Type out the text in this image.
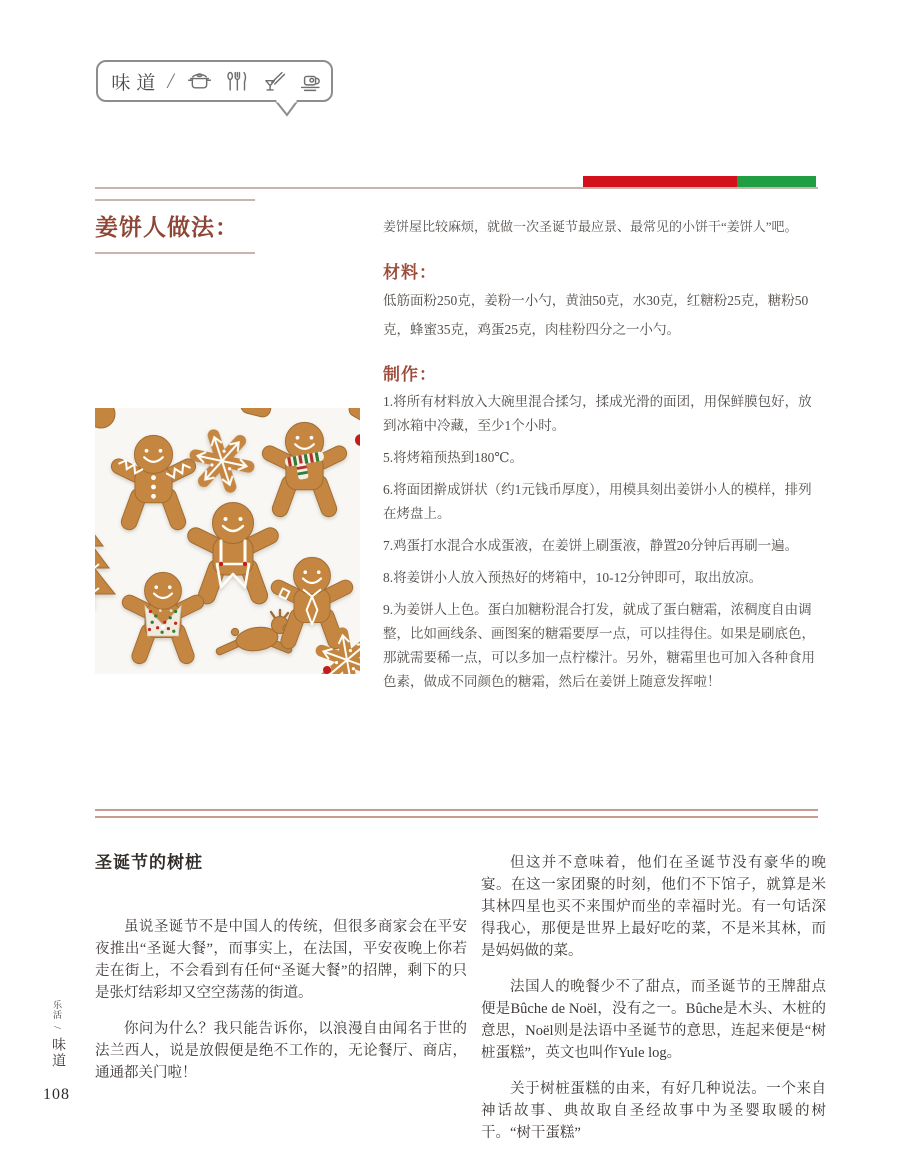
味道 /
姜饼人做法：	姜饼屋比较麻烦，就做一次圣诞节最应景、最常见的小饼干“姜饼人”吧。

材料：

低筋面粉250克，姜粉一小勺，黄油50克，水30克，红糖粉25克，糖粉50克，蜂蜜35克，鸡蛋25克，肉桂粉四分之一小勺。

制作：

1.将所有材料放入大碗里混合揉匀，揉成光滑的面团，用保鲜膜包好，放到冰箱中冷藏，至少1个小时。

5.将烤箱预热到180℃。

6.将面团擀成饼状（约1元钱币厚度），用模具刻出姜饼小人的模样，排列在烤盘上。

7.鸡蛋打水混合水成蛋液，在姜饼上刷蛋液，静置20分钟后再刷一遍。

8.将姜饼小人放入预热好的烤箱中，10-12分钟即可，取出放凉。

9.为姜饼人上色。蛋白加糖粉混合打发，就成了蛋白糖霜，浓稠度自由调整，比如画线条、画图案的糖霜要厚一点，可以挂得住。如果是刷底色，那就需要稀一点，可以多加一点柠檬汁。另外，糖霜里也可加入各种食用色素，做成不同颜色的糖霜，然后在姜饼上随意发挥啦！

圣诞节的树桩

虽说圣诞节不是中国人的传统，但很多商家会在平安夜推出“圣诞大餐”，而事实上，在法国，平安夜晚上你若走在街上，不会看到有任何“圣诞大餐”的招牌，剩下的只是张灯结彩却又空空荡荡的街道。

你问为什么？我只能告诉你，以浪漫自由闻名于世的法兰西人，说是放假便是绝不工作的，无论餐厅、商店，通通都关门啦！

但这并不意味着，他们在圣诞节没有豪华的晚宴。在这一家团聚的时刻，他们不下馆子，就算是米其林四星也买不来围炉而坐的幸福时光。有一句话深得我心，那便是世界上最好吃的菜，不是米其林，而是妈妈做的菜。

法国人的晚餐少不了甜点，而圣诞节的王牌甜点便是Bûche de Noël，没有之一。Bûche是木头、木桩的意思，Noël则是法语中圣诞节的意思，连起来便是“树桩蛋糕”，英文也叫作Yule log。

关于树桩蛋糕的由来，有好几种说法。一个来自神话故事、典故取自圣经故事中为圣婴取暖的树干。“树干蛋糕”

乐活 / 味道
108
